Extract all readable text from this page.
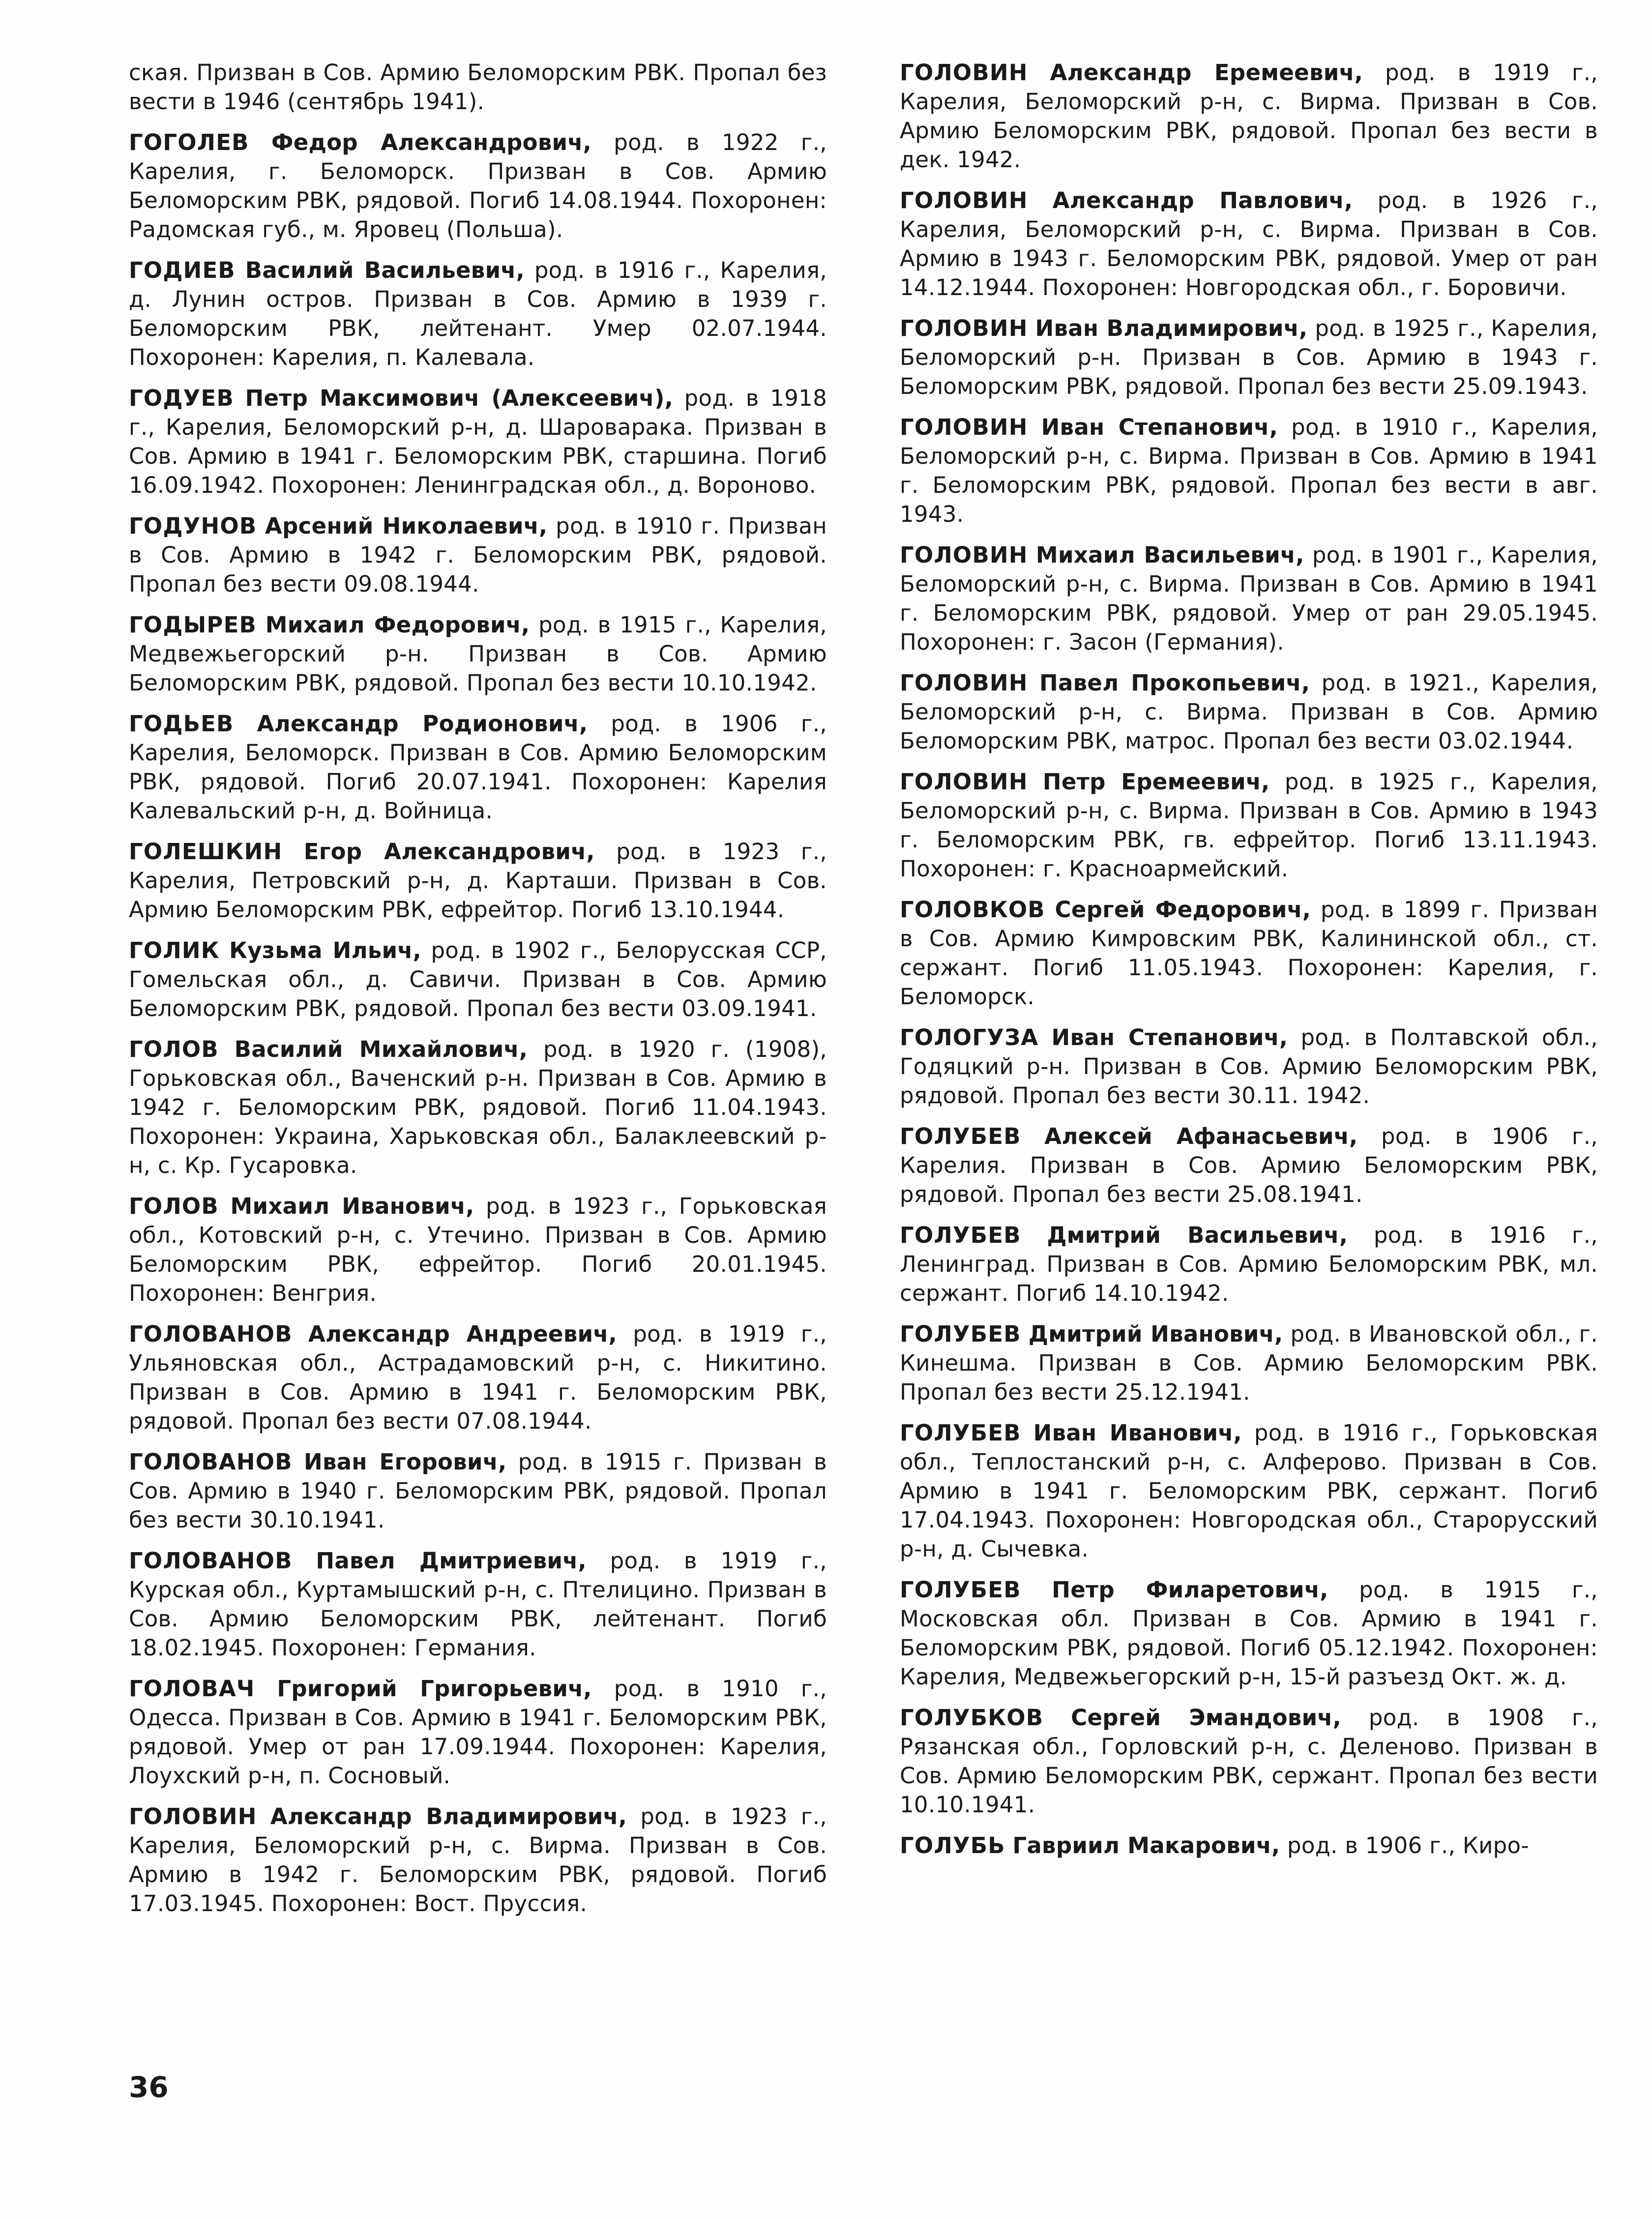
ская. Призван в Сов. Армию Беломорским РВК. Пропал без вести в 1946 (сентябрь 1941).

ГОГОЛЕВ Федор Александрович, род. в 1922 г., Карелия, г. Беломорск. Призван в Сов. Армию Беломорским РВК, рядовой. Погиб 14.08.1944. Похоронен: Радомская губ., м. Яровец (Польша).

ГОДИЕВ Василий Васильевич, род. в 1916 г., Карелия, д. Лунин остров. Призван в Сов. Армию в 1939 г. Беломорским РВК, лейтенант. Умер 02.07.1944. Похоронен: Карелия, п. Калевала.

ГОДУЕВ Петр Максимович (Алексеевич), род. в 1918 г., Карелия, Беломорский р-н, д. Шароварака. Призван в Сов. Армию в 1941 г. Беломорским РВК, старшина. Погиб 16.09.1942. Похоронен: Ленинградская обл., д. Вороново.

ГОДУНОВ Арсений Николаевич, род. в 1910 г. Призван в Сов. Армию в 1942 г. Беломорским РВК, рядовой. Пропал без вести 09.08.1944.

ГОДЫРЕВ Михаил Федорович, род. в 1915 г., Карелия, Медвежьегорский р-н. Призван в Сов. Армию Беломорским РВК, рядовой. Пропал без вести 10.10.1942.

ГОДЬЕВ Александр Родионович, род. в 1906 г., Карелия, Беломорск. Призван в Сов. Армию Беломорским РВК, рядовой. Погиб 20.07.1941. Похоронен: Карелия Калевальский р-н, д. Войница.

ГОЛЕШКИН Егор Александрович, род. в 1923 г., Карелия, Петровский р-н, д. Карташи. Призван в Сов. Армию Беломорским РВК, ефрейтор. Погиб 13.10.1944.

ГОЛИК Кузьма Ильич, род. в 1902 г., Белорусская ССР, Гомельская обл., д. Савичи. Призван в Сов. Армию Беломорским РВК, рядовой. Пропал без вести 03.09.1941.

ГОЛОВ Василий Михайлович, род. в 1920 г. (1908), Горьковская обл., Ваченский р-н. Призван в Сов. Армию в 1942 г. Беломорским РВК, рядовой. Погиб 11.04.1943. Похоронен: Украина, Харьковская обл., Балаклеевский р-н, с. Кр. Гусаровка.

ГОЛОВ Михаил Иванович, род. в 1923 г., Горьковская обл., Котовский р-н, с. Утечино. Призван в Сов. Армию Беломорским РВК, ефрейтор. Погиб 20.01.1945. Похоронен: Венгрия.

ГОЛОВАНОВ Александр Андреевич, род. в 1919 г., Ульяновская обл., Астрадамовский р-н, с. Никитино. Призван в Сов. Армию в 1941 г. Беломорским РВК, рядовой. Пропал без вести 07.08.1944.

ГОЛОВАНОВ Иван Егорович, род. в 1915 г. Призван в Сов. Армию в 1940 г. Беломорским РВК, рядовой. Пропал без вести 30.10.1941.

ГОЛОВАНОВ Павел Дмитриевич, род. в 1919 г., Курская обл., Куртамышский р-н, с. Птелицино. Призван в Сов. Армию Беломорским РВК, лейтенант. Погиб 18.02.1945. Похоронен: Германия.

ГОЛОВАЧ Григорий Григорьевич, род. в 1910 г., Одесса. Призван в Сов. Армию в 1941 г. Беломорским РВК, рядовой. Умер от ран 17.09.1944. Похоронен: Карелия, Лоухский р-н, п. Сосновый.

ГОЛОВИН Александр Владимирович, род. в 1923 г., Карелия, Беломорский р-н, с. Вирма. Призван в Сов. Армию в 1942 г. Беломорским РВК, рядовой. Погиб 17.03.1945. Похоронен: Вост. Пруссия.

ГОЛОВИН Александр Еремеевич, род. в 1919 г., Карелия, Беломорский р-н, с. Вирма. Призван в Сов. Армию Беломорским РВК, рядовой. Пропал без вести в дек. 1942.

ГОЛОВИН Александр Павлович, род. в 1926 г., Карелия, Беломорский р-н, с. Вирма. Призван в Сов. Армию в 1943 г. Беломорским РВК, рядовой. Умер от ран 14.12.1944. Похоронен: Новгородская обл., г. Боровичи.

ГОЛОВИН Иван Владимирович, род. в 1925 г., Карелия, Беломорский р-н. Призван в Сов. Армию в 1943 г. Беломорским РВК, рядовой. Пропал без вести 25.09.1943.

ГОЛОВИН Иван Степанович, род. в 1910 г., Карелия, Беломорский р-н, с. Вирма. Призван в Сов. Армию в 1941 г. Беломорским РВК, рядовой. Пропал без вести в авг. 1943.

ГОЛОВИН Михаил Васильевич, род. в 1901 г., Карелия, Беломорский р-н, с. Вирма. Призван в Сов. Армию в 1941 г. Беломорским РВК, рядовой. Умер от ран 29.05.1945. Похоронен: г. Засон (Германия).

ГОЛОВИН Павел Прокопьевич, род. в 1921., Карелия, Беломорский р-н, с. Вирма. Призван в Сов. Армию Беломорским РВК, матрос. Пропал без вести 03.02.1944.

ГОЛОВИН Петр Еремеевич, род. в 1925 г., Карелия, Беломорский р-н, с. Вирма. Призван в Сов. Армию в 1943 г. Беломорским РВК, гв. ефрейтор. Погиб 13.11.1943. Похоронен: г. Красноармейский.

ГОЛОВКОВ Сергей Федорович, род. в 1899 г. Призван в Сов. Армию Кимровским РВК, Калининской обл., ст. сержант. Погиб 11.05.1943. Похоронен: Карелия, г. Беломорск.

ГОЛОГУЗА Иван Степанович, род. в Полтавской обл., Годяцкий р-н. Призван в Сов. Армию Беломорским РВК, рядовой. Пропал без вести 30.11. 1942.

ГОЛУБЕВ Алексей Афанасьевич, род. в 1906 г., Карелия. Призван в Сов. Армию Беломорским РВК, рядовой. Пропал без вести 25.08.1941.

ГОЛУБЕВ Дмитрий Васильевич, род. в 1916 г., Ленинград. Призван в Сов. Армию Беломорским РВК, мл. сержант. Погиб 14.10.1942.

ГОЛУБЕВ Дмитрий Иванович, род. в Ивановской обл., г. Кинешма. Призван в Сов. Армию Беломорским РВК. Пропал без вести 25.12.1941.

ГОЛУБЕВ Иван Иванович, род. в 1916 г., Горьковская обл., Теплостанский р-н, с. Алферово. Призван в Сов. Армию в 1941 г. Беломорским РВК, сержант. Погиб 17.04.1943. Похоронен: Новгородская обл., Старорусский р-н, д. Сычевка.

ГОЛУБЕВ Петр Филаретович, род. в 1915 г., Московская обл. Призван в Сов. Армию в 1941 г. Беломорским РВК, рядовой. Погиб 05.12.1942. Похоронен: Карелия, Медвежьегорский р-н, 15-й разъезд Окт. ж. д.

ГОЛУБКОВ Сергей Эмандович, род. в 1908 г., Рязанская обл., Горловский р-н, с. Деленово. Призван в Сов. Армию Беломорским РВК, сержант. Пропал без вести 10.10.1941.

ГОЛУБЬ Гавриил Макарович, род. в 1906 г., Киро-

36
